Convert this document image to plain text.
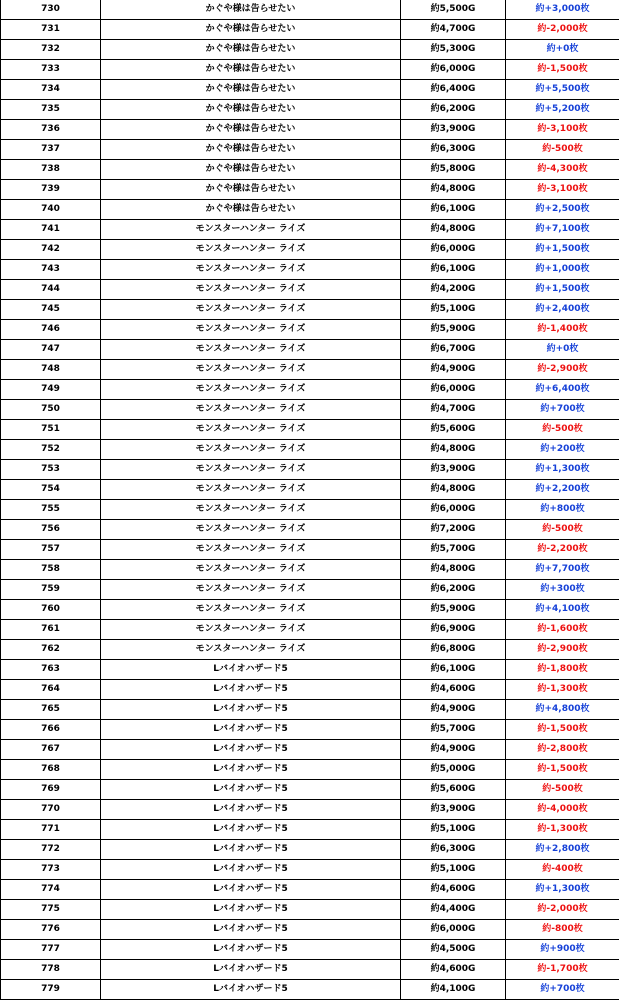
730	かぐや様は告らせたい	約5,500G	約+3,000枚
731	かぐや様は告らせたい	約4,700G	約-2,000枚
732	かぐや様は告らせたい	約5,300G	約+0枚
733	かぐや様は告らせたい	約6,000G	約-1,500枚
734	かぐや様は告らせたい	約6,400G	約+5,500枚
735	かぐや様は告らせたい	約6,200G	約+5,200枚
736	かぐや様は告らせたい	約3,900G	約-3,100枚
737	かぐや様は告らせたい	約6,300G	約-500枚
738	かぐや様は告らせたい	約5,800G	約-4,300枚
739	かぐや様は告らせたい	約4,800G	約-3,100枚
740	かぐや様は告らせたい	約6,100G	約+2,500枚
741	モンスターハンター ライズ	約4,800G	約+7,100枚
742	モンスターハンター ライズ	約6,000G	約+1,500枚
743	モンスターハンター ライズ	約6,100G	約+1,000枚
744	モンスターハンター ライズ	約4,200G	約+1,500枚
745	モンスターハンター ライズ	約5,100G	約+2,400枚
746	モンスターハンター ライズ	約5,900G	約-1,400枚
747	モンスターハンター ライズ	約6,700G	約+0枚
748	モンスターハンター ライズ	約4,900G	約-2,900枚
749	モンスターハンター ライズ	約6,000G	約+6,400枚
750	モンスターハンター ライズ	約4,700G	約+700枚
751	モンスターハンター ライズ	約5,600G	約-500枚
752	モンスターハンター ライズ	約4,800G	約+200枚
753	モンスターハンター ライズ	約3,900G	約+1,300枚
754	モンスターハンター ライズ	約4,800G	約+2,200枚
755	モンスターハンター ライズ	約6,000G	約+800枚
756	モンスターハンター ライズ	約7,200G	約-500枚
757	モンスターハンター ライズ	約5,700G	約-2,200枚
758	モンスターハンター ライズ	約4,800G	約+7,700枚
759	モンスターハンター ライズ	約6,200G	約+300枚
760	モンスターハンター ライズ	約5,900G	約+4,100枚
761	モンスターハンター ライズ	約6,900G	約-1,600枚
762	モンスターハンター ライズ	約6,800G	約-2,900枚
763	Lバイオハザード5	約6,100G	約-1,800枚
764	Lバイオハザード5	約4,600G	約-1,300枚
765	Lバイオハザード5	約4,900G	約+4,800枚
766	Lバイオハザード5	約5,700G	約-1,500枚
767	Lバイオハザード5	約4,900G	約-2,800枚
768	Lバイオハザード5	約5,000G	約-1,500枚
769	Lバイオハザード5	約5,600G	約-500枚
770	Lバイオハザード5	約3,900G	約-4,000枚
771	Lバイオハザード5	約5,100G	約-1,300枚
772	Lバイオハザード5	約6,300G	約+2,800枚
773	Lバイオハザード5	約5,100G	約-400枚
774	Lバイオハザード5	約4,600G	約+1,300枚
775	Lバイオハザード5	約4,400G	約-2,000枚
776	Lバイオハザード5	約6,000G	約-800枚
777	Lバイオハザード5	約4,500G	約+900枚
778	Lバイオハザード5	約4,600G	約-1,700枚
779	Lバイオハザード5	約4,100G	約+700枚
